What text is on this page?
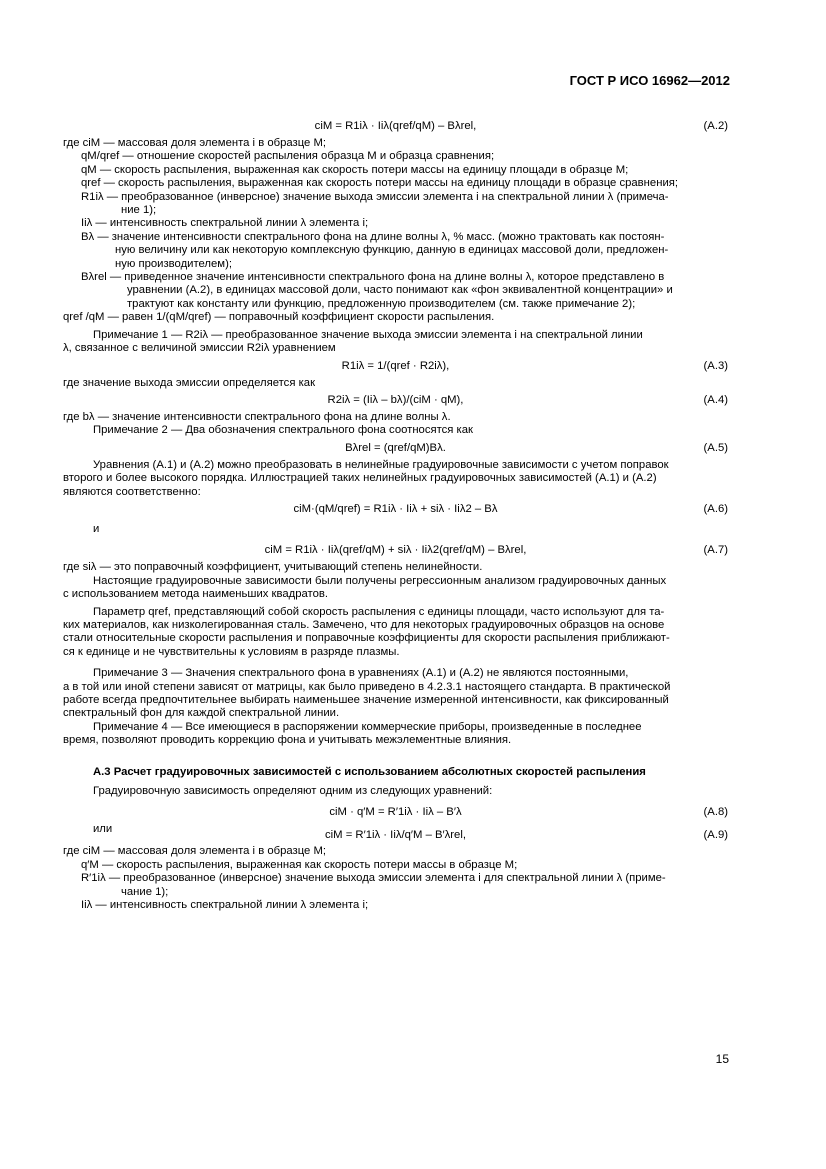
ГОСТ Р ИСО 16962—2012
ciM = R1iλ · Iiλ(qref/qM) – Bλrel,	(A.2)

где ciM — массовая доля элемента i в образце M;

qM/qref — отношение скоростей распыления образца M и образца сравнения;

qM — скорость распыления, выраженная как скорость потери массы на единицу площади в образце M;

qref — скорость распыления, выраженная как скорость потери массы на единицу площади в образце сравнения;

R1iλ — преобразованное (инверсное) значение выхода эмиссии элемента i на спектральной линии λ (примеча-

ние 1);

Iiλ — интенсивность спектральной линии λ элемента i;

Bλ — значение интенсивности спектрального фона на длине волны λ, % масс. (можно трактовать как постоян-

ную величину или как некоторую комплексную функцию, данную в единицах массовой доли, предложен-

ную производителем);

Bλrel — приведенное значение интенсивности спектрального фона на длине волны λ, которое представлено в

уравнении (А.2), в единицах массовой доли, часто понимают как «фон эквивалентной концентрации» и

трактуют как константу или функцию, предложенную производителем (см. также примечание 2);

qref /qM — равен 1/(qM/qref) — поправочный коэффициент скорости распыления.

Примечание 1 — R2iλ — преобразованное значение выхода эмиссии элемента i на спектральной линии

λ, связанное с величиной эмиссии R2iλ уравнением

R1iλ = 1/(qref · R2iλ),	(A.3)

где значение выхода эмиссии определяется как

R2iλ = (Iiλ – bλ)/(ciM · qM),	(A.4)

где bλ — значение интенсивности спектрального фона на длине волны λ.

Примечание 2 — Два обозначения спектрального фона соотносятся как

Bλrel = (qref/qM)Bλ.	(A.5)

Уравнения (А.1) и (А.2) можно преобразовать в нелинейные градуировочные зависимости с учетом поправок

второго и более высокого порядка. Иллюстрацией таких нелинейных градуировочных зависимостей (А.1) и (А.2)

являются соответственно:

ciM·(qM/qref) = R1iλ · Iiλ + siλ · Iiλ2 – Bλ	(A.6)

и

ciM = R1iλ · Iiλ(qref/qM) + siλ · Iiλ2(qref/qM) – Bλrel,	(A.7)

где siλ — это поправочный коэффициент, учитывающий степень нелинейности.

Настоящие градуировочные зависимости были получены регрессионным анализом градуировочных данных

с использованием метода наименьших квадратов.

Параметр qref, представляющий собой скорость распыления с единицы площади, часто используют для та-

ких материалов, как низколегированная сталь. Замечено, что для некоторых градуировочных образцов на основе

стали относительные скорости распыления и поправочные коэффициенты для скорости распыления приближают-

ся к единице и не чувствительны к условиям в разряде плазмы.

Примечание 3 — Значения спектрального фона в уравнениях (А.1) и (А.2) не являются постоянными,

а в той или иной степени зависят от матрицы, как было приведено в 4.2.3.1 настоящего стандарта. В практической

работе всегда предпочтительнее выбирать наименьшее значение измеренной интенсивности, как фиксированный

спектральный фон для каждой спектральной линии.

Примечание 4 — Все имеющиеся в распоряжении коммерческие приборы, произведенные в последнее

время, позволяют проводить коррекцию фона и учитывать межэлементные влияния.

А.3 Расчет градуировочных зависимостей с использованием абсолютных скоростей распыления

Градуировочную зависимость определяют одним из следующих уравнений:

ciM · q′M = R′1iλ · Iiλ – B′λ	(A.8)
или	ciM = R′1iλ · Iiλ/q′M – B′λrel,	(A.9)

где ciM — массовая доля элемента i в образце M;

q′M — скорость распыления, выраженная как скорость потери массы в образце M;

R′1iλ — преобразованное (инверсное) значение выхода эмиссии элемента i для спектральной линии λ (приме-

чание 1);

Iiλ — интенсивность спектральной линии λ элемента i;

15
